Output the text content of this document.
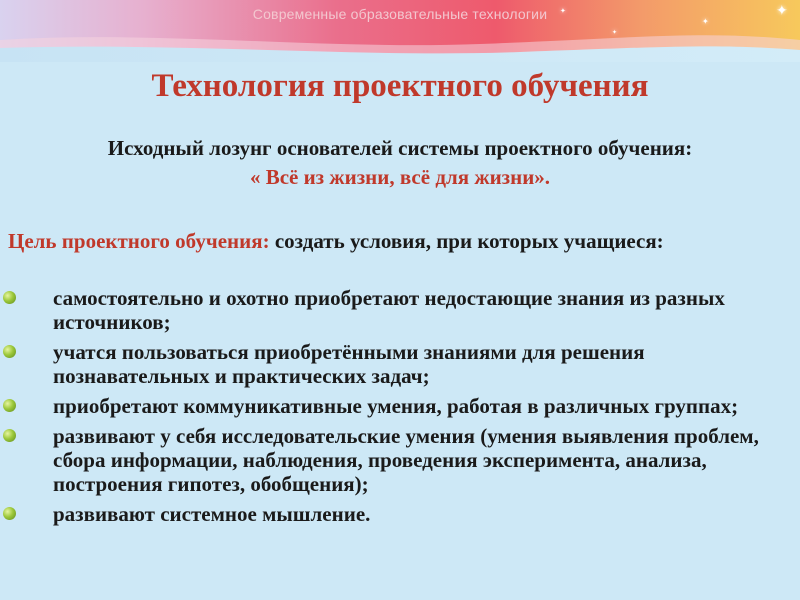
✦
✦
✦
✦
Современные образовательные технологии
Технология проектного обучения
Исходный лозунг основателей системы проектного обучения:
« Всё из жизни, всё для жизни».
Цель проектного обучения: создать условия, при которых учащиеся:
самостоятельно и охотно приобретают недостающие знания из разных источников;
учатся пользоваться приобретёнными знаниями для решения познавательных и практических задач;
приобретают коммуникативные умения, работая в различных группах;
развивают у себя исследовательские умения (умения выявления проблем, сбора информации, наблюдения, проведения эксперимента, анализа, построения гипотез, обобщения);
развивают системное мышление.
